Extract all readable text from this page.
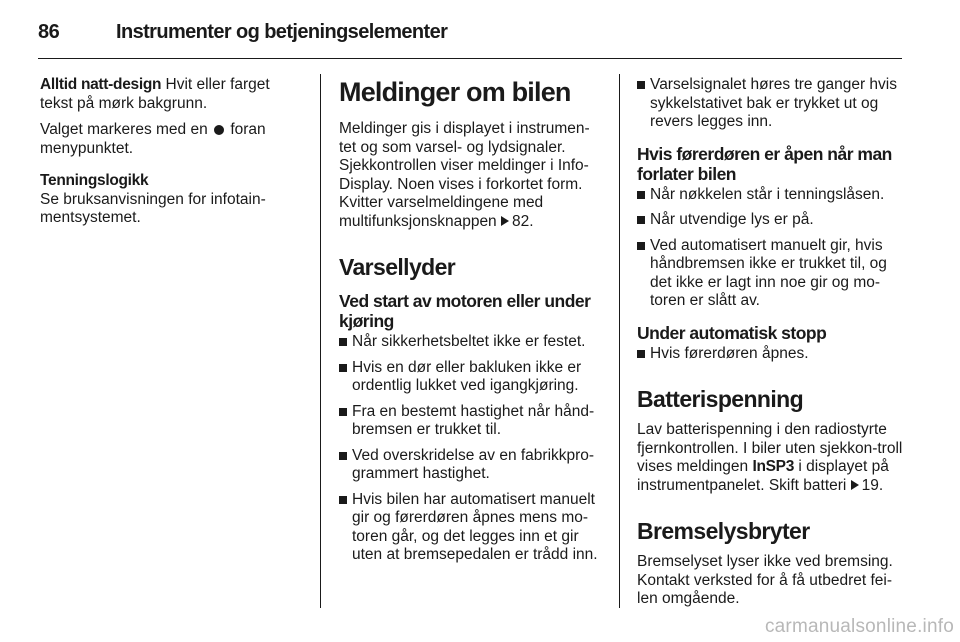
86	Instrumenter og betjeningselementer

Alltid natt-design Hvit eller farget tekst på mørk bakgrunn.

Valget markeres med en  foran menypunktet.

Tenningslogikk
Se bruksanvisningen for infotain-mentsystemet.

Meldinger om bilen

Meldinger gis i displayet i instrumen-tet og som varsel- og lydsignaler. Sjekkontrollen viser meldinger i Info-Display. Noen vises i forkortet form. Kvitter varselmeldingene med multifunksjonsknappen 82.

Varsellyder
Ved start av motoren eller under kjøring
Når sikkerhetsbeltet ikke er festet.
Hvis en dør eller bakluken ikke er ordentlig lukket ved igangkjøring.
Fra en bestemt hastighet når hånd-bremsen er trukket til.
Ved overskridelse av en fabrikkpro-grammert hastighet.
Hvis bilen har automatisert manuelt gir og førerdøren åpnes mens mo-toren går, og det legges inn et gir uten at bremsepedalen er trådd inn.
Varselsignalet høres tre ganger hvis sykkelstativet bak er trykket ut og revers legges inn.
Hvis førerdøren er åpen når man forlater bilen
Når nøkkelen står i tenningslåsen.
Når utvendige lys er på.
Ved automatisert manuelt gir, hvis håndbremsen ikke er trukket til, og det ikke er lagt inn noe gir og mo-toren er slått av.
Under automatisk stopp
Hvis førerdøren åpnes.
Batterispenning

Lav batterispenning i den radiostyrte fjernkontrollen. I biler uten sjekkon-troll vises meldingen InSP3 i displayet på instrumentpanelet. Skift batteri 19.

Bremselysbryter

Bremselyset lyser ikke ved bremsing. Kontakt verksted for å få utbedret fei-len omgående.

carmanualsonline.info
